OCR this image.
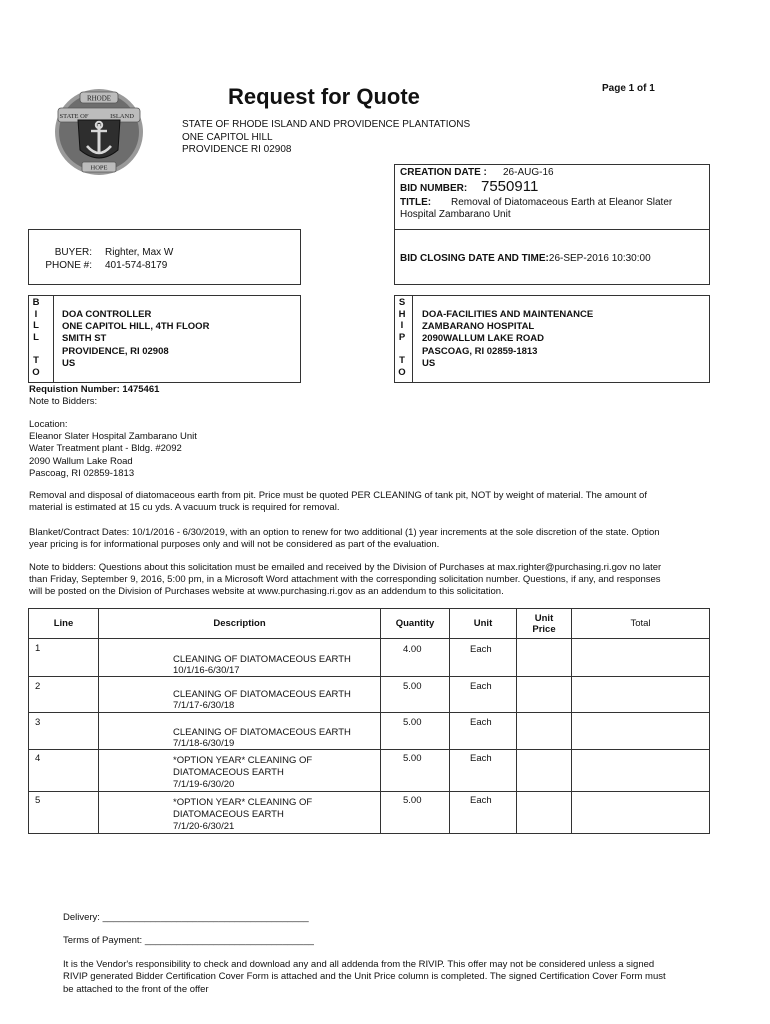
RHODE
ISLAND
STATE OF
HOPE
Request for Quote	Page 1 of 1
STATE OF RHODE ISLAND AND PROVIDENCE PLANTATIONS
ONE CAPITOL HILL
PROVIDENCE RI 02908
CREATION DATE : 26-AUG-16
BID NUMBER: 7550911
TITLE: Removal of Diatomaceous Earth at Eleanor Slater
Hospital Zambarano Unit
BID CLOSING DATE AND TIME:26-SEP-2016 10:30:00
BUYER: Righter, Max W
PHONE #: 401-574-8179
B
I
L
L

T
O
DOA CONTROLLER
ONE CAPITOL HILL, 4TH FLOOR
SMITH ST
PROVIDENCE, RI 02908
US
S
H
I
P

T
O
DOA-FACILITIES AND MAINTENANCE
ZAMBARANO HOSPITAL
2090WALLUM LAKE ROAD
PASCOAG, RI 02859-1813
US
Requistion Number: 1475461
Note to Bidders:
Location:
Eleanor Slater Hospital Zambarano Unit
Water Treatment plant - Bldg. #2092
2090 Wallum Lake Road
Pascoag, RI 02859-1813
Removal and disposal of diatomaceous earth from pit. Price must be quoted PER CLEANING of tank pit, NOT by weight of material. The amount of
material is estimated at 15 cu yds. A vacuum truck is required for removal.
Blanket/Contract Dates: 10/1/2016 - 6/30/2019, with an option to renew for two additional (1) year increments at the sole discretion of the state. Option
year pricing is for informational purposes only and will not be considered as part of the evaluation.
Note to bidders: Questions about this solicitation must be emailed and received by the Division of Purchases at max.righter@purchasing.ri.gov no later
than Friday, September 9, 2016, 5:00 pm, in a Microsoft Word attachment with the corresponding solicitation number. Questions, if any, and responses
will be posted on the Division of Purchases website at www.purchasing.ri.gov as an addendum to this solicitation.
Line	Description	Quantity	Unit	Unit
Price	Total

1	CLEANING OF DIATOMACEOUS EARTH 10/1/16-6/30/17	4.00	Each		

2	CLEANING OF DIATOMACEOUS EARTH 7/1/17-6/30/18	5.00	Each		

3	CLEANING OF DIATOMACEOUS EARTH 7/1/18-6/30/19	5.00	Each		

4	*OPTION YEAR* CLEANING OF DIATOMACEOUS EARTH
7/1/19-6/30/20	5.00	Each		

5	*OPTION YEAR* CLEANING OF DIATOMACEOUS EARTH
7/1/20-6/30/21	5.00	Each		

Delivery: _______________________________________
Terms of Payment: ________________________________
It is the Vendor's responsibility to check and download any and all addenda from the RIVIP. This offer may not be considered unless a signed
RIVIP generated Bidder Certification Cover Form is attached and the Unit Price column is completed. The signed Certification Cover Form must
be attached to the front of the offer
